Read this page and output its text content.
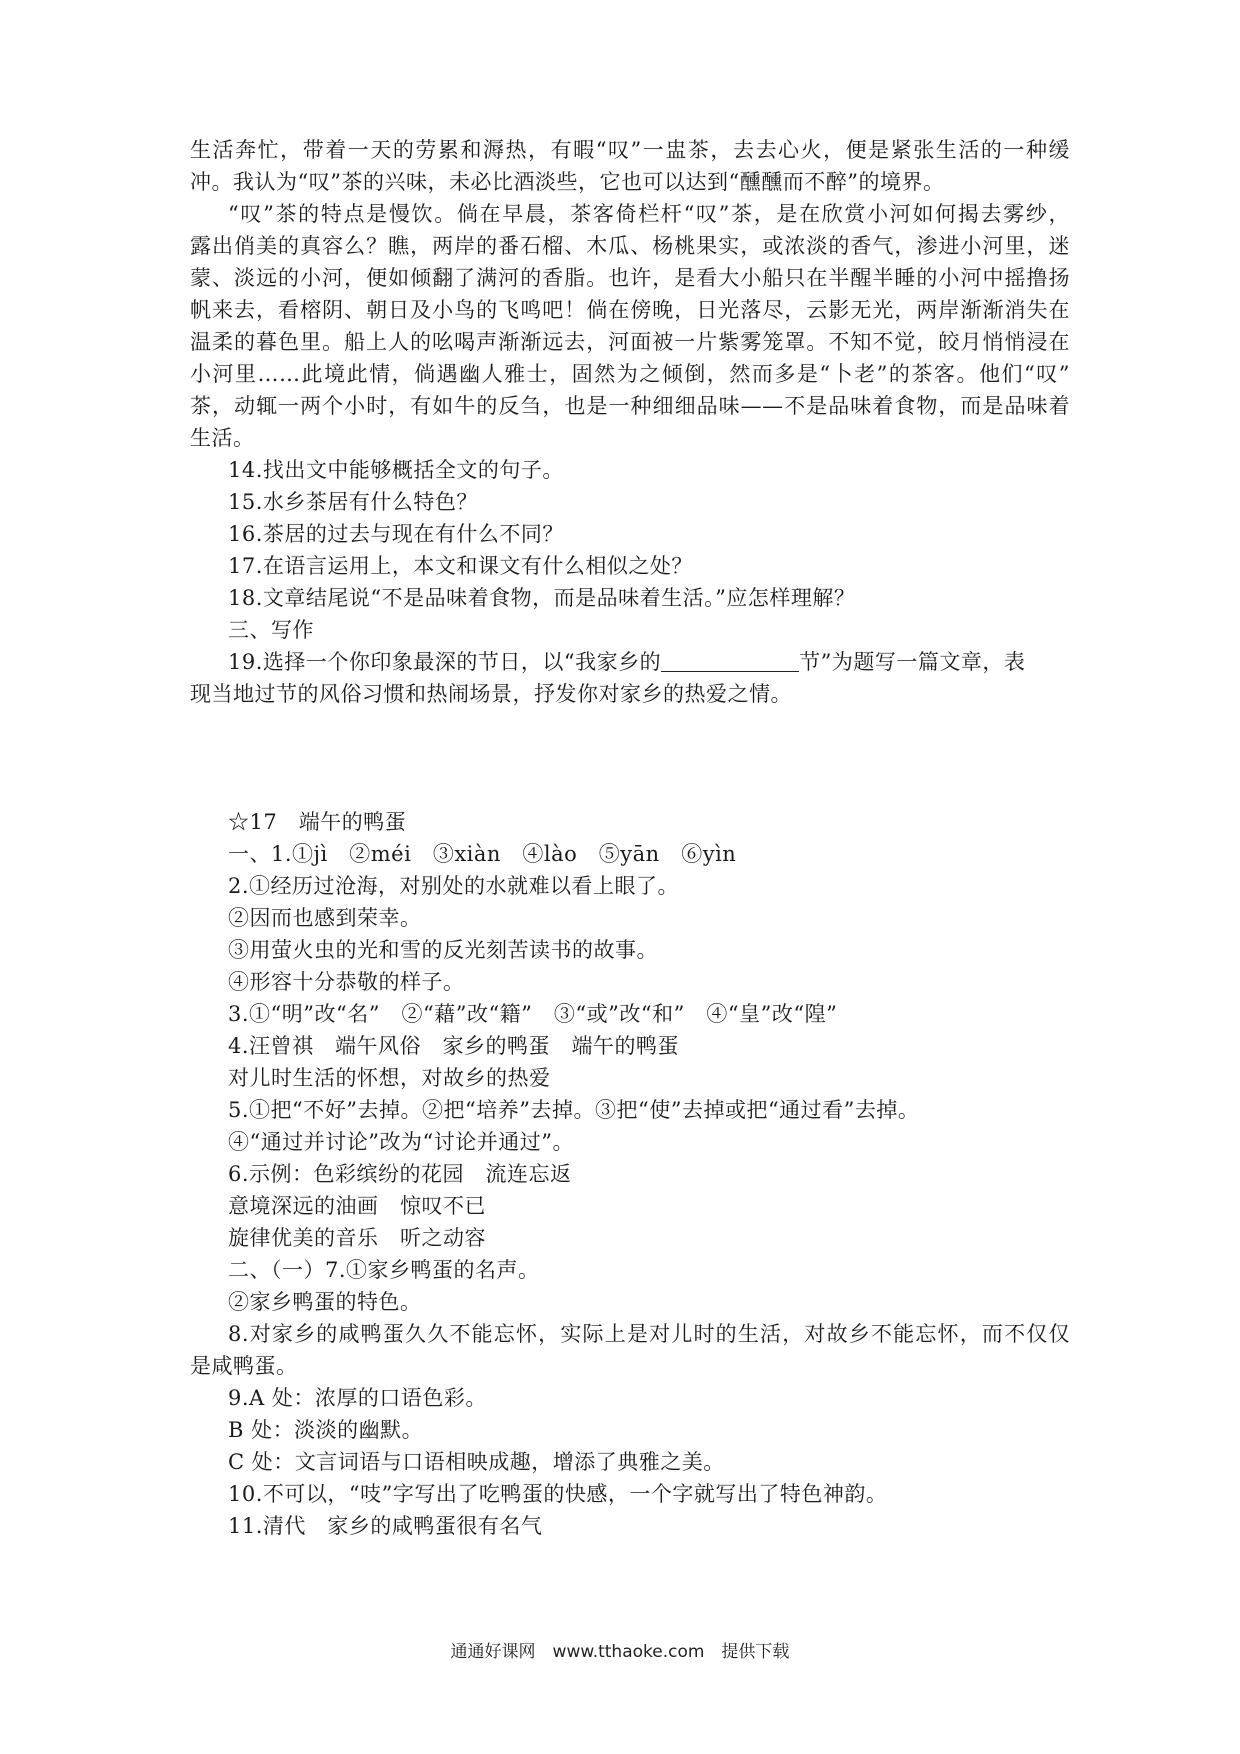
生活奔忙，带着一天的劳累和溽热，有暇“叹”一盅茶，去去心火，便是紧张生活的一种缓
冲。我认为“叹”茶的兴味，未必比酒淡些，它也可以达到“醺醺而不醉”的境界。
“叹”茶的特点是慢饮。倘在早晨，茶客倚栏杆“叹”茶，是在欣赏小河如何揭去雾纱，
露出俏美的真容么？瞧，两岸的番石榴、木瓜、杨桃果实，或浓淡的香气，渗进小河里，迷
蒙、淡远的小河，便如倾翻了满河的香脂。也许，是看大小船只在半醒半睡的小河中摇撸扬
帆来去，看榕阴、朝日及小鸟的飞鸣吧！倘在傍晚，日光落尽，云影无光，两岸渐渐消失在
温柔的暮色里。船上人的吆喝声渐渐远去，河面被一片紫雾笼罩。不知不觉，皎月悄悄浸在
小河里……此境此情，倘遇幽人雅士，固然为之倾倒，然而多是“卜老”的茶客。他们“叹”
茶，动辄一两个小时，有如牛的反刍，也是一种细细品味——不是品味着食物，而是品味着
生活。
14.找出文中能够概括全文的句子。
15.水乡茶居有什么特色？
16.茶居的过去与现在有什么不同？
17.在语言运用上，本文和课文有什么相似之处？
18.文章结尾说“不是品味着食物，而是品味着生活。”应怎样理解？
三、写作
19.选择一个你印象最深的节日，以“我家乡的	节”为题写一篇文章，表
现当地过节的风俗习惯和热闹场景，抒发你对家乡的热爱之情。
☆17　端午的鸭蛋
一、1.①jì　②méi　③xiàn　④lào　⑤yān　⑥yìn
2.①经历过沧海，对别处的水就难以看上眼了。
②因而也感到荣幸。
③用萤火虫的光和雪的反光刻苦读书的故事。
④形容十分恭敬的样子。
3.①“明”改“名”　②“藉”改“籍”　③“或”改“和”　④“皇”改“隍”
4.汪曾祺　端午风俗　家乡的鸭蛋　端午的鸭蛋
对儿时生活的怀想，对故乡的热爱
5.①把“不好”去掉。②把“培养”去掉。③把“使”去掉或把“通过看”去掉。
④“通过并讨论”改为“讨论并通过”。
6.示例：色彩缤纷的花园　流连忘返
意境深远的油画　惊叹不已
旋律优美的音乐　听之动容
二、（一）7.①家乡鸭蛋的名声。
②家乡鸭蛋的特色。
8.对家乡的咸鸭蛋久久不能忘怀，实际上是对儿时的生活，对故乡不能忘怀，而不仅仅
是咸鸭蛋。
9.A 处：浓厚的口语色彩。
B 处：淡淡的幽默。
C 处：文言词语与口语相映成趣，增添了典雅之美。
10.不可以，“吱”字写出了吃鸭蛋的快感，一个字就写出了特色神韵。
11.清代　家乡的咸鸭蛋很有名气
通通好课网　www.tthaoke.com　提供下载
